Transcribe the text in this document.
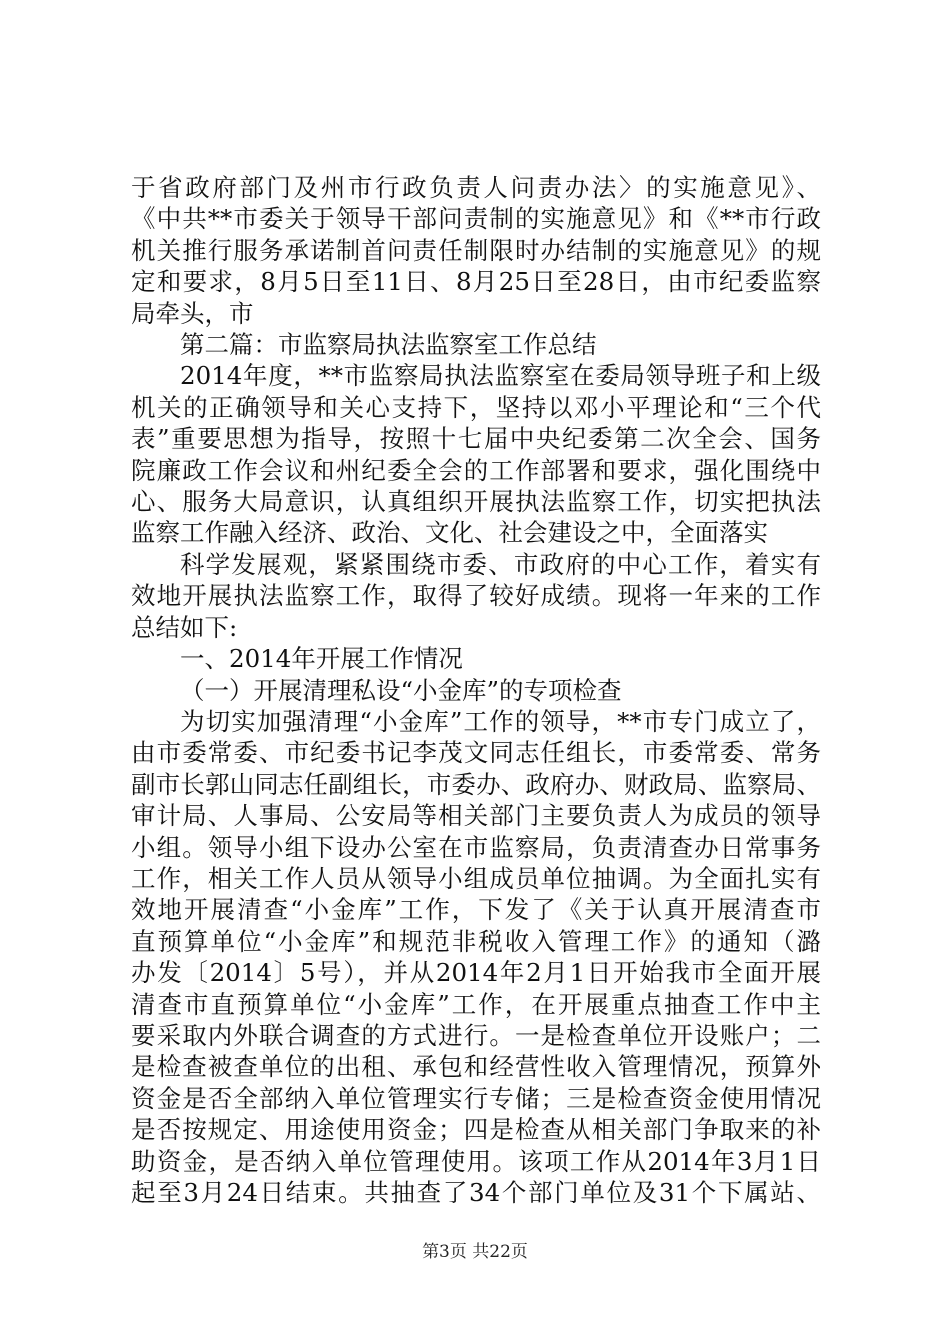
于省政府部门及州市行政负责人问责办法〉的实施意见》、
《中共**市委关于领导干部问责制的实施意见》和《**市行政
机关推行服务承诺制首问责任制限时办结制的实施意见》的规
定和要求，8月5日至11日、8月25日至28日，由市纪委监察
局牵头，市
第二篇：市监察局执法监察室工作总结
2014年度，**市监察局执法监察室在委局领导班子和上级
机关的正确领导和关心支持下，坚持以邓小平理论和“三个代
表”重要思想为指导，按照十七届中央纪委第二次全会、国务
院廉政工作会议和州纪委全会的工作部署和要求，强化围绕中
心、服务大局意识，认真组织开展执法监察工作，切实把执法
监察工作融入经济、政治、文化、社会建设之中，全面落实
科学发展观，紧紧围绕市委、市政府的中心工作，着实有
效地开展执法监察工作，取得了较好成绩。现将一年来的工作
总结如下:
一、2014年开展工作情况
（一）开展清理私设“小金库”的专项检查
为切实加强清理“小金库”工作的领导，**市专门成立了，
由市委常委、市纪委书记李茂文同志任组长，市委常委、常务
副市长郭山同志任副组长，市委办、政府办、财政局、监察局、
审计局、人事局、公安局等相关部门主要负责人为成员的领导
小组。领导小组下设办公室在市监察局，负责清查办日常事务
工作，相关工作人员从领导小组成员单位抽调。为全面扎实有
效地开展清查“小金库”工作，下发了《关于认真开展清查市
直预算单位“小金库”和规范非税收入管理工作》的通知（潞
办发〔2014〕5号），并从2014年2月1日开始我市全面开展
清查市直预算单位“小金库”工作，在开展重点抽查工作中主
要采取内外联合调查的方式进行。一是检查单位开设账户；二
是检查被查单位的出租、承包和经营性收入管理情况，预算外
资金是否全部纳入单位管理实行专储；三是检查资金使用情况
是否按规定、用途使用资金；四是检查从相关部门争取来的补
助资金，是否纳入单位管理使用。该项工作从2014年3月1日
起至3月24日结束。共抽查了34个部门单位及31个下属站、
第3页 共22页
